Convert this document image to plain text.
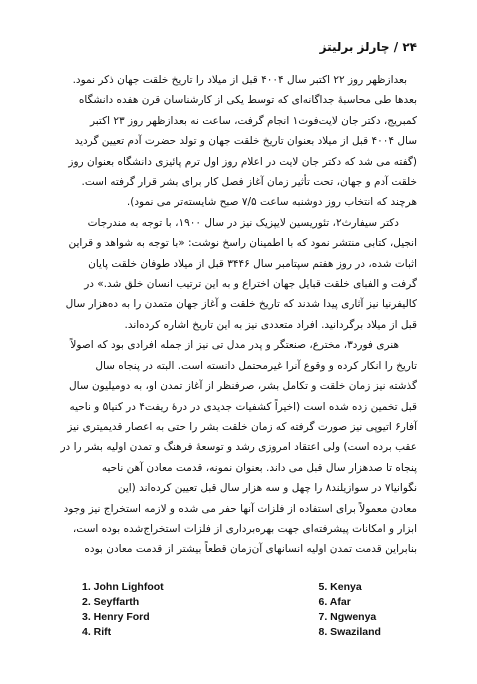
۲۴ / چارلز برلیتز

بعدازظهر روز ۲۲ اکتبر سال ۴۰۰۴ قبل از میلاد را تاریخ خلقت جهان ذکر نمود.

بعدها طی محاسبهٔ جداگانه‌ای که توسط یکی از کارشناسان قرن هفده دانشگاه

کمبریج، دکتر جان لایت‌فوت۱ انجام گرفت، ساعت نه بعدازظهر روز ۲۳ اکتبر

سال ۴۰۰۴ قبل از میلاد بعنوان تاریخ خلقت جهان و تولد حضرت آدم تعیین گردید

(گفته می شد که دکتر جان لایت در اعلام روز اول ترم پائیزی دانشگاه بعنوان روز

خلقت آدم و جهان، تحت تأثیر زمان آغاز فصل کار برای بشر قرار گرفته است.

هرچند که انتخاب روز دوشنبه ساعت ۷/۵ صبح شایسته‌تر می نمود).

دکتر سیفارث۲، تئوریسین لایپزیک نیز در سال ۱۹۰۰، با توجه به مندرجات

انجیل، کتابی منتشر نمود که با اطمینان راسخ نوشت: «با توجه به شواهد و قراین

اثبات شده، در روز هفتم سپتامبر سال ۳۴۴۶ قبل از میلاد طوفان خلقت پایان

گرفت و الفبای خلقت قبایل جهان اختراع و به این ترتیب انسان خلق شد.» در

کالیفرنیا نیز آثاری پیدا شدند که تاریخ خلقت و آغاز جهان متمدن را به ده‌هزار سال

قبل از میلاد برگردانید. افراد متعددی نیز به این تاریخ اشاره کرده‌اند.

هنری فورد۳، مخترع، صنعتگر و پدر مدل تی نیز از جمله افرادی بود که اصولاً

تاریخ را انکار کرده و وقوع آنرا غیرمحتمل دانسته است. البته در پنجاه سال

گذشته نیز زمان خلقت و تکامل بشر، صرفنظر از آغاز تمدن او، به دومیلیون سال

قبل تخمین زده شده است (اخیراً کشفیات جدیدی در درهٔ ریفت۴ در کنیا۵ و ناحیه

آفار۶ اتیوپی نیز صورت گرفته که زمان خلقت بشر را حتی به اعصار قدیمیتری نیز

عقب برده است) ولی اعتقاد امروزی رشد و توسعهٔ فرهنگ و تمدن اولیه بشر را در

پنجاه تا صدهزار سال قبل می داند. بعنوان نمونه، قدمت معادن آهن ناحیه

نگوانیا۷ در سوازیلند۸ را چهل و سه هزار سال قبل تعیین کرده‌اند (این

معادن معمولاً برای استفاده از فلزات آنها حفر می شده و لازمه استخراج نیز وجود

ابزار و امکانات پیشرفته‌ای جهت بهره‌برداری از فلزات استخراج‌شده بوده است،

بنابراین قدمت تمدن اولیه انسانهای آن‌زمان قطعاً بیشتر از قدمت معادن بوده

1. John Lighfoot
2. Seyffarth
3. Henry Ford
4. Rift
5. Kenya
6. Afar
7. Ngwenya
8. Swaziland
